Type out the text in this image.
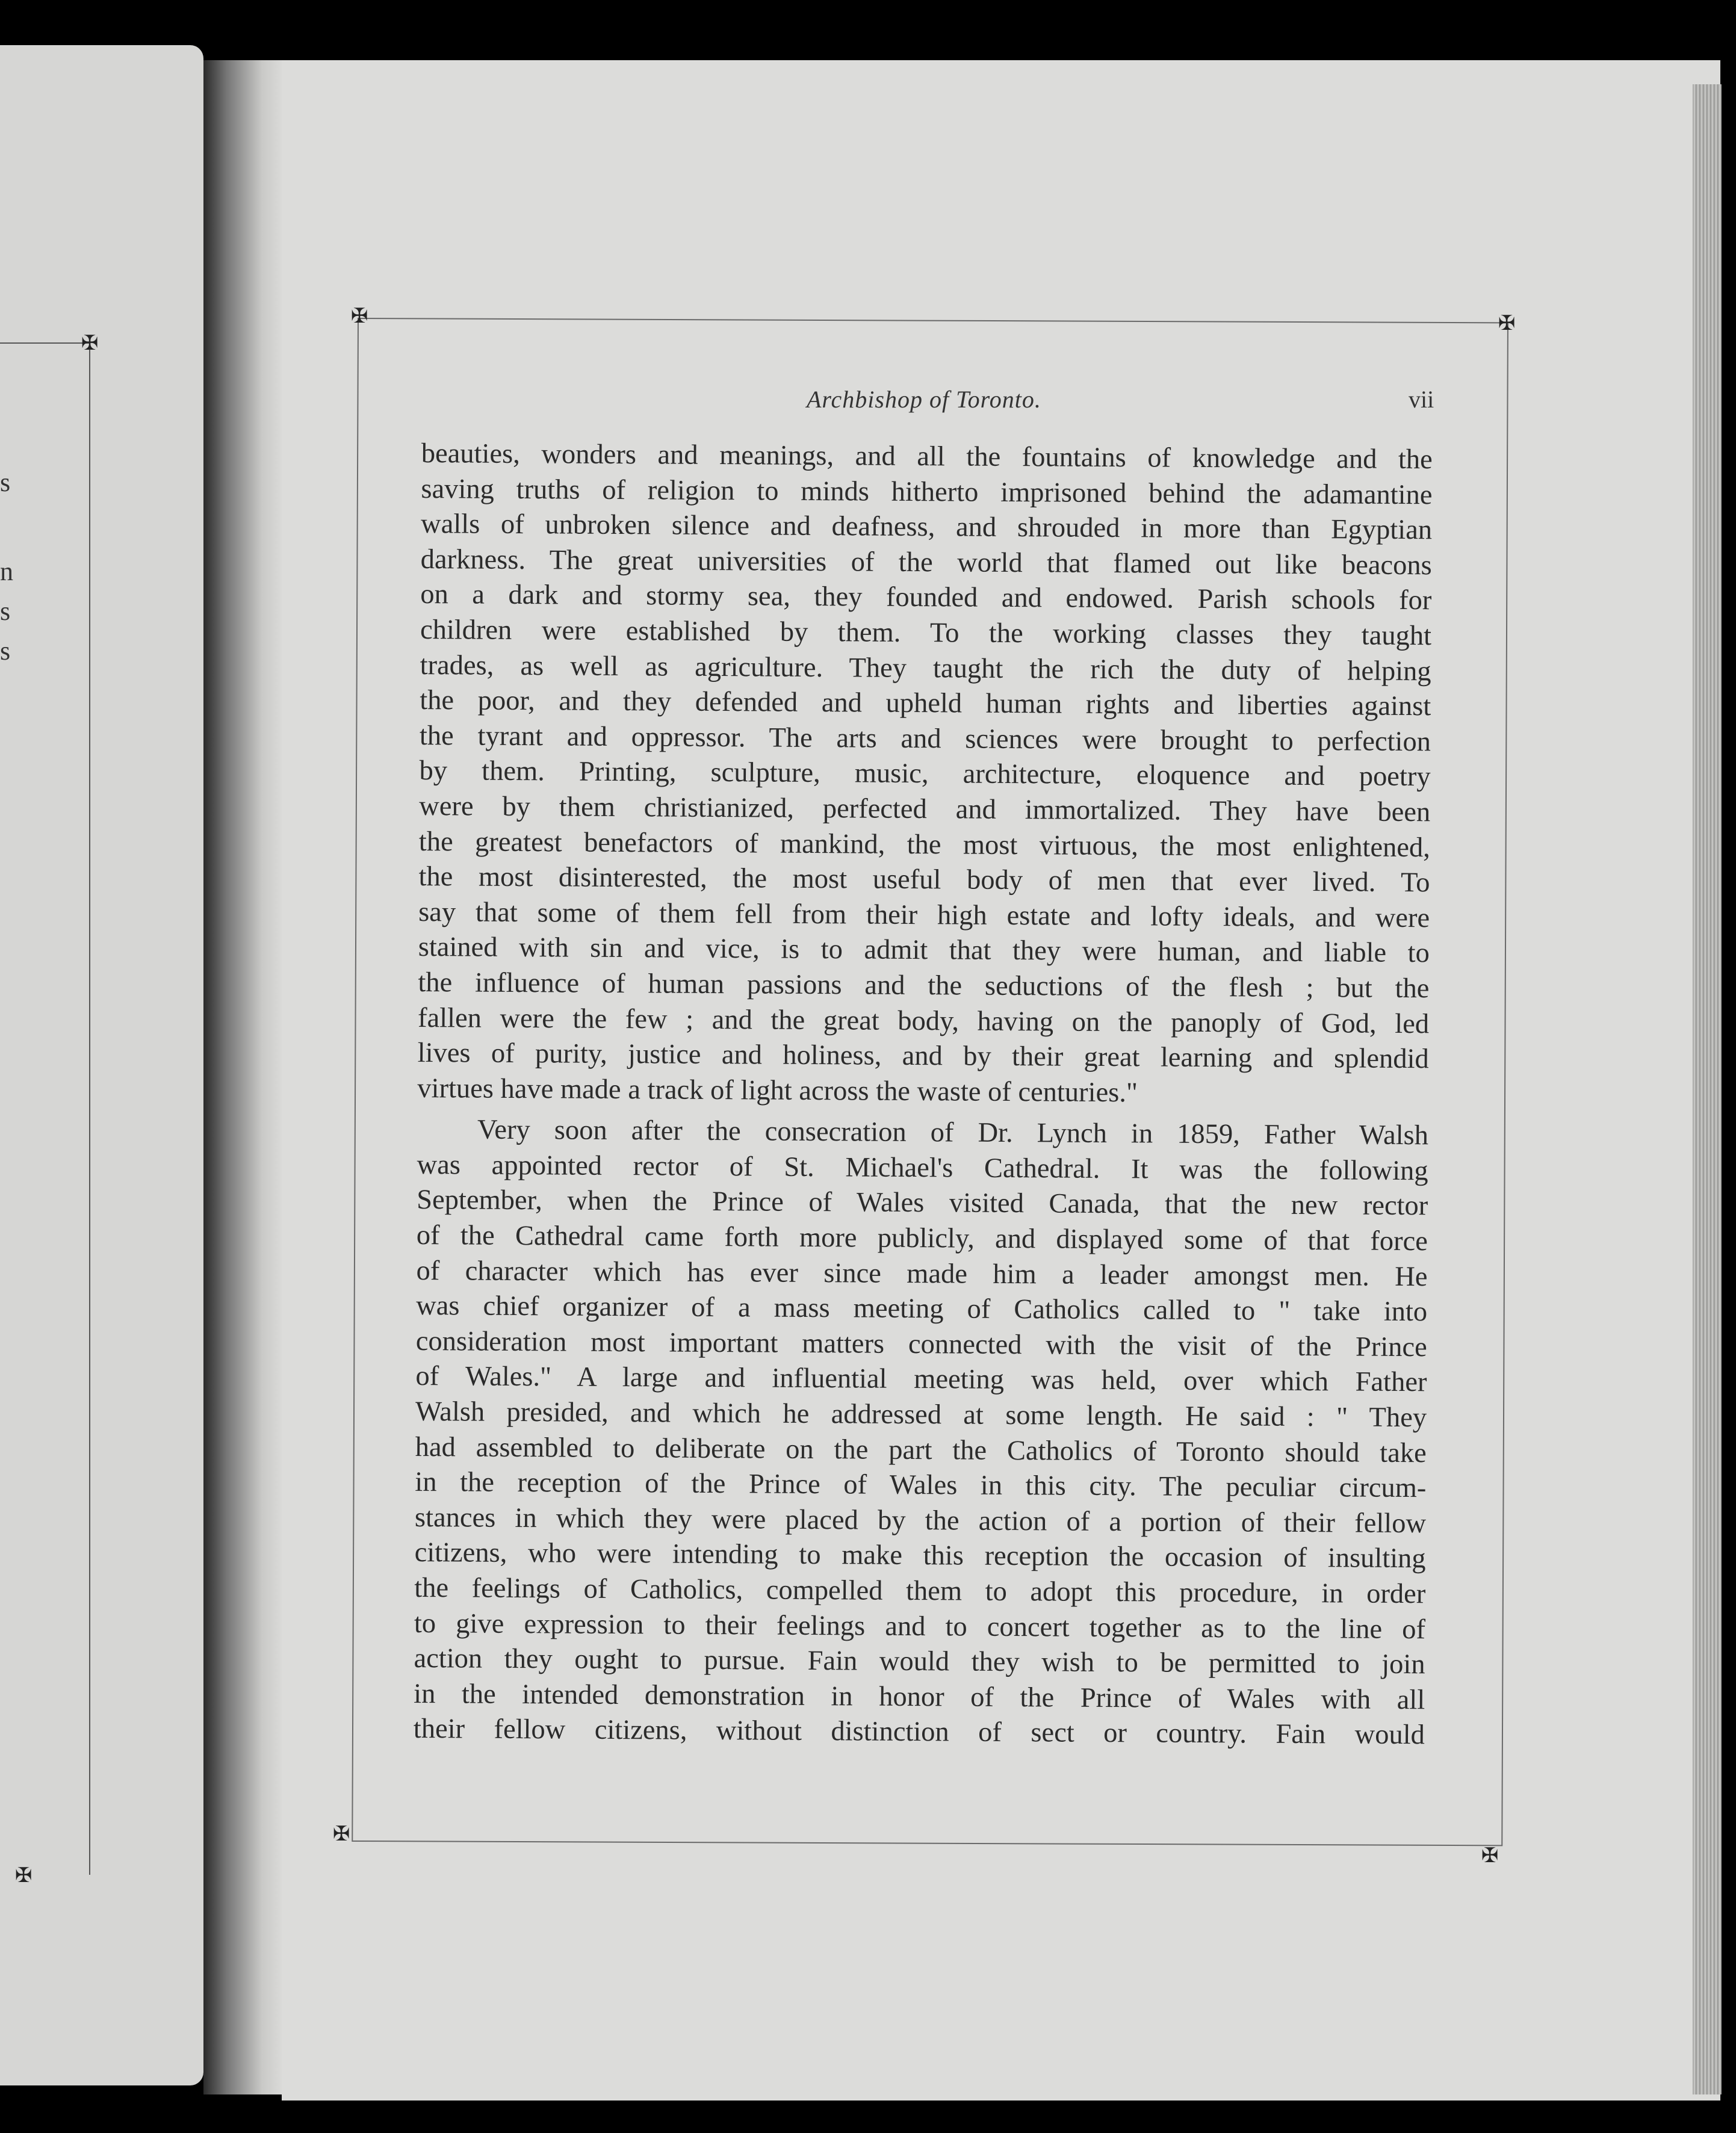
✠
✠
s
n
s
s
✠	✠
✠
✠
Archbishop of Toronto.	vii
beauties, wonders and meanings, and all the fountains of knowledge and the
saving truths of religion to minds hitherto imprisoned behind the adamantine
walls of unbroken silence and deafness, and shrouded in more than Egyptian
darkness. The great universities of the world that flamed out like beacons
on a dark and stormy sea, they founded and endowed. Parish schools for
children were established by them. To the working classes they taught
trades, as well as agriculture. They taught the rich the duty of helping
the poor, and they defended and upheld human rights and liberties against
the tyrant and oppressor. The arts and sciences were brought to perfection
by them. Printing, sculpture, music, architecture, eloquence and poetry
were by them christianized, perfected and immortalized. They have been
the greatest benefactors of mankind, the most virtuous, the most enlightened,
the most disinterested, the most useful body of men that ever lived. To
say that some of them fell from their high estate and lofty ideals, and were
stained with sin and vice, is to admit that they were human, and liable to
the influence of human passions and the seductions of the flesh ; but the
fallen were the few ; and the great body, having on the panoply of God, led
lives of purity, justice and holiness, and by their great learning and splendid
virtues have made a track of light across the waste of centuries."
Very soon after the consecration of Dr. Lynch in 1859, Father Walsh
was appointed rector of St. Michael's Cathedral. It was the following
September, when the Prince of Wales visited Canada, that the new rector
of the Cathedral came forth more publicly, and displayed some of that force
of character which has ever since made him a leader amongst men. He
was chief organizer of a mass meeting of Catholics called to " take into
consideration most important matters connected with the visit of the Prince
of Wales." A large and influential meeting was held, over which Father
Walsh presided, and which he addressed at some length. He said : " They
had assembled to deliberate on the part the Catholics of Toronto should take
in the reception of the Prince of Wales in this city. The peculiar circum-
stances in which they were placed by the action of a portion of their fellow
citizens, who were intending to make this reception the occasion of insulting
the feelings of Catholics, compelled them to adopt this procedure, in order
to give expression to their feelings and to concert together as to the line of
action they ought to pursue. Fain would they wish to be permitted to join
in the intended demonstration in honor of the Prince of Wales with all
their fellow citizens, without distinction of sect or country. Fain would
